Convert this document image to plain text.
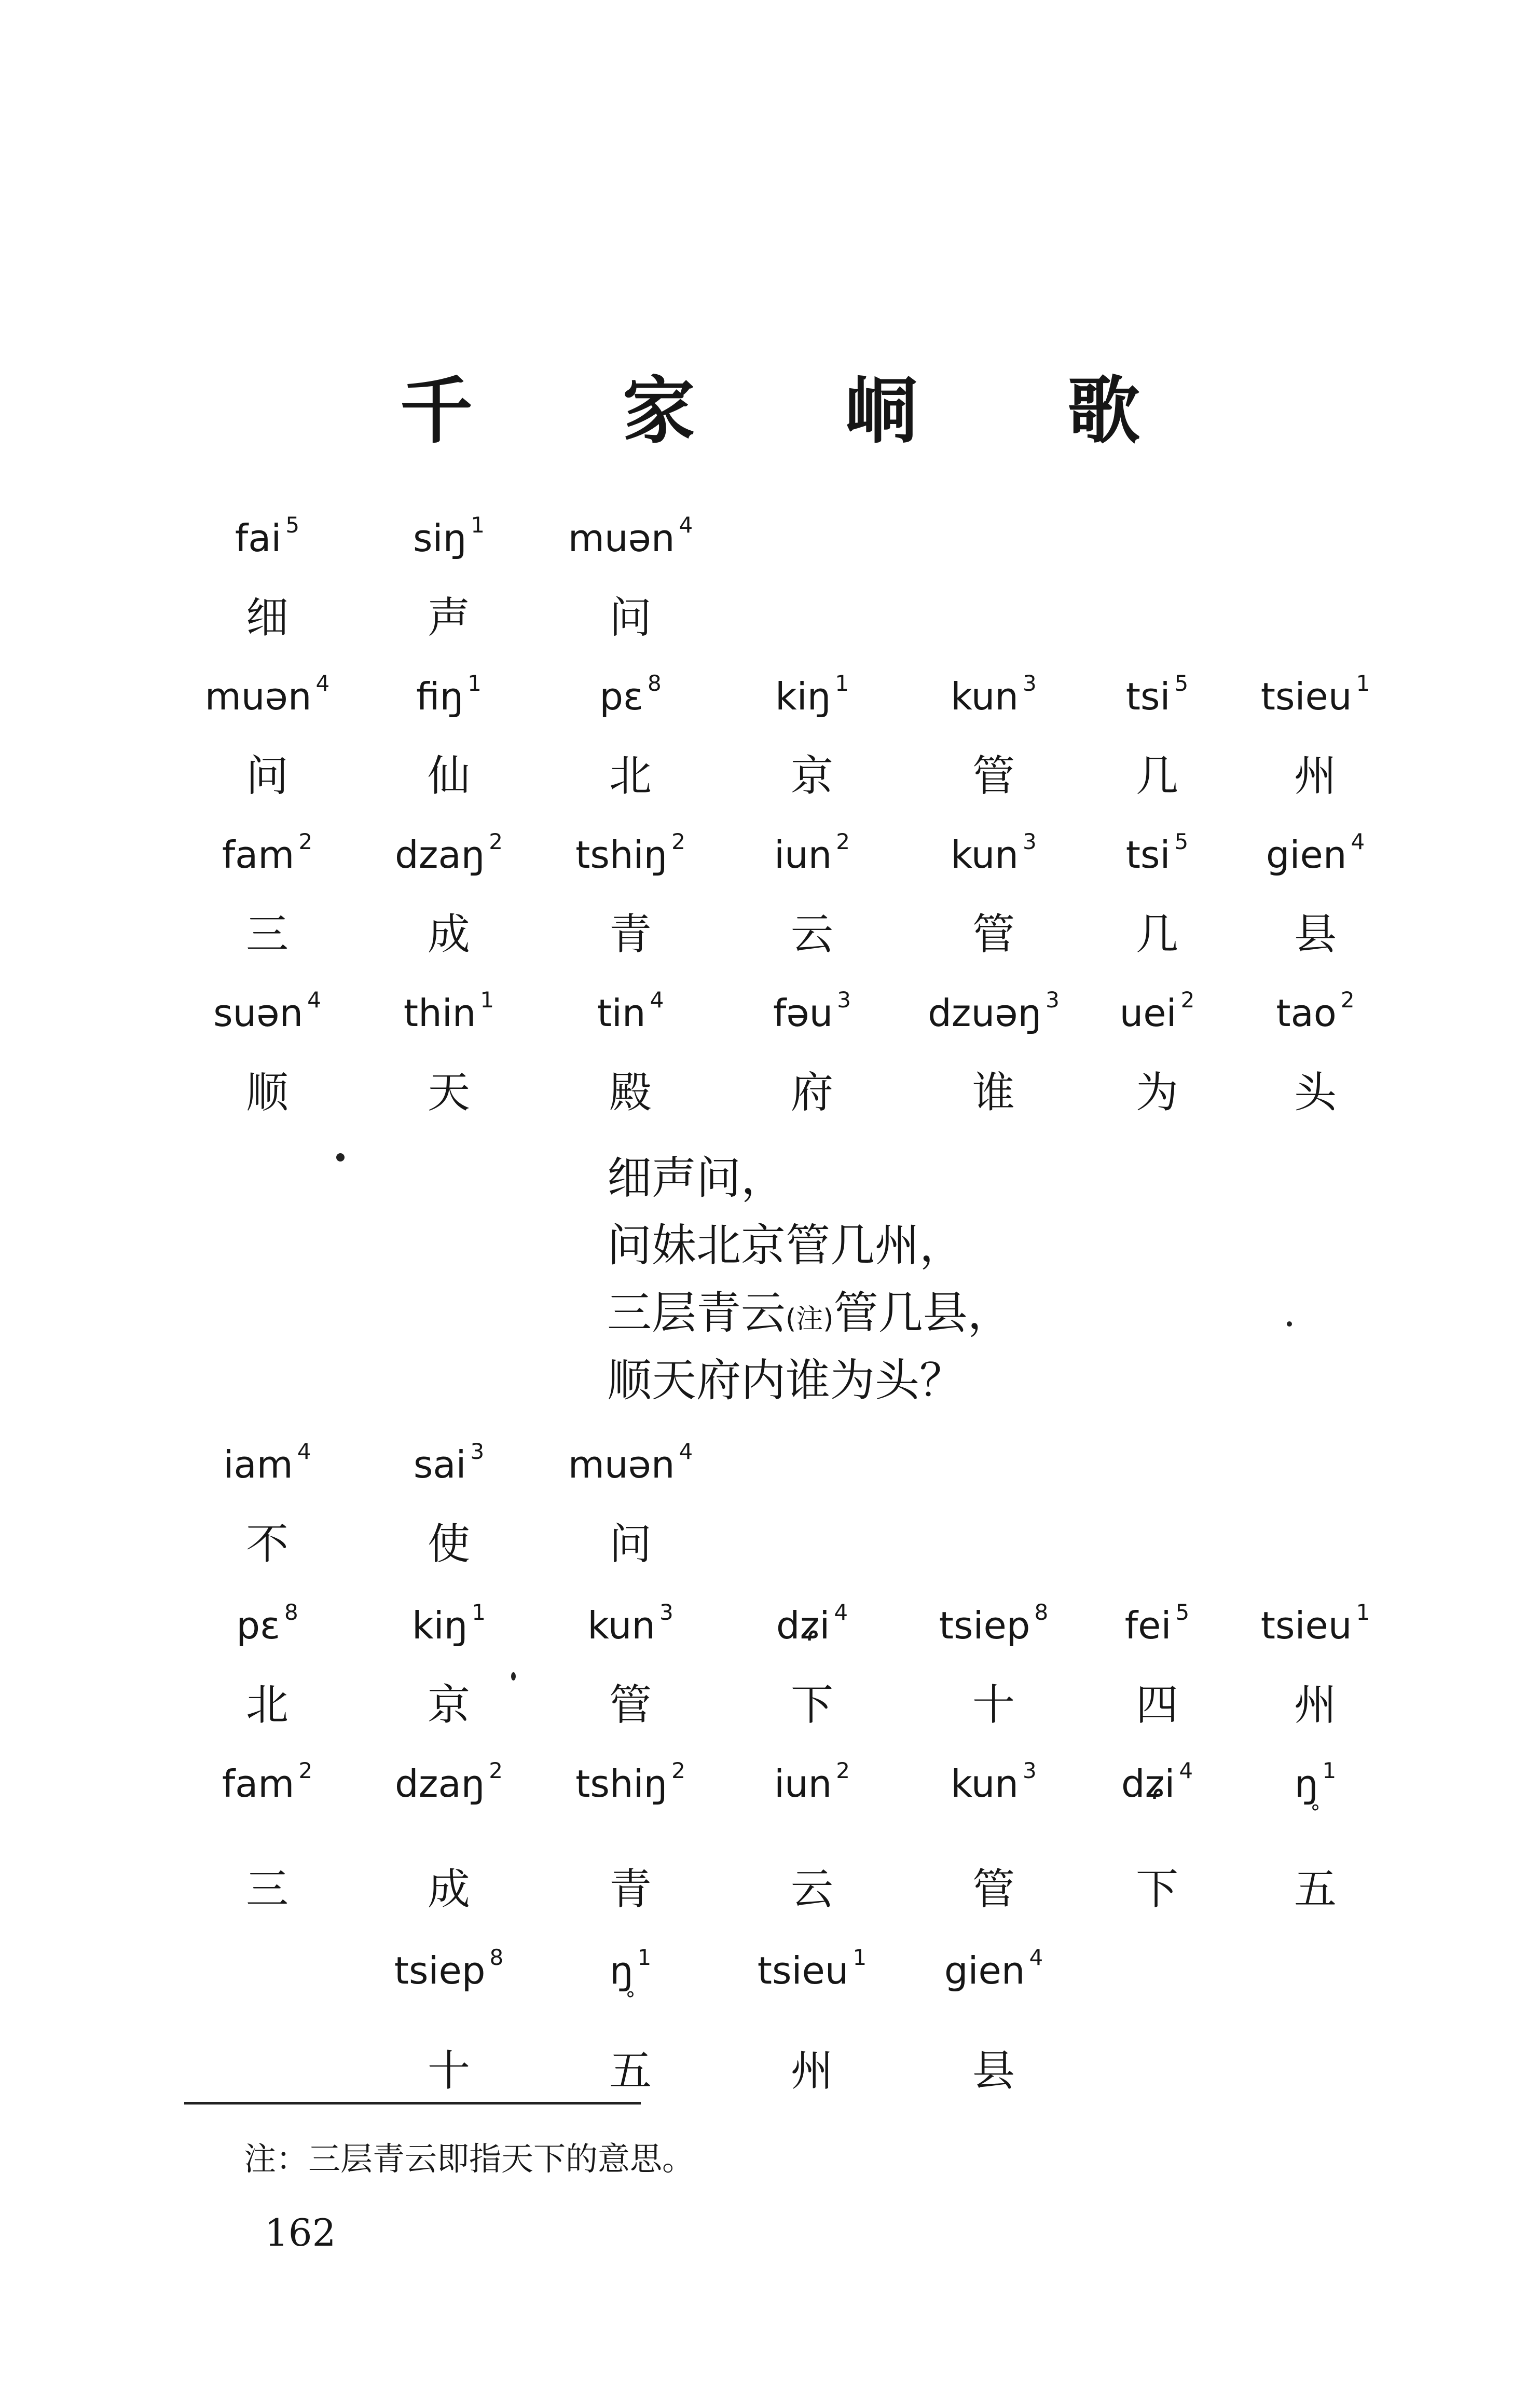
千 家 峒 歌
fai $^5$
细
siŋ $^1$
声
muən $^4$
问
muən $^4$
问
fiŋ $^1$
仙
pɛ $^8$
北
kiŋ $^1$
京
kun $^3$
管
tsi $^5$
几
tsieu $^1$
州
fam $^2$
三
dzaŋ $^2$
成
tshiŋ $^2$
青
iun $^2$
云
kun $^3$
管
tsi $^5$
几
gien $^4$
县
suən $^4$
顺
thin $^1$
天
tin $^4$
殿
fəu $^3$
府
dzuəŋ $^3$
谁
uei $^2$
为
tao $^2$
头
细声问，
问妹北京管几州，
三层青云(注)管几县，
顺天府内谁为头？
iam $^4$
不
sai $^3$
使
muən $^4$
问
pɛ $^8$
北
kiŋ $^1$
京
kun $^3$
管
dʑi $^4$
下
tsiep $^8$
十
fei $^5$
四
tsieu $^1$
州
fam $^2$
三
dzaŋ $^2$
成
tshiŋ $^2$
青
iun $^2$
云
kun $^3$
管
dʑi $^4$
下
ŋ $^1$
°
五
tsiep $^8$
十
ŋ $^1$
°
五
tsieu $^1$
州
gien $^4$
县
注：三层青云即指天下的意思。
162
